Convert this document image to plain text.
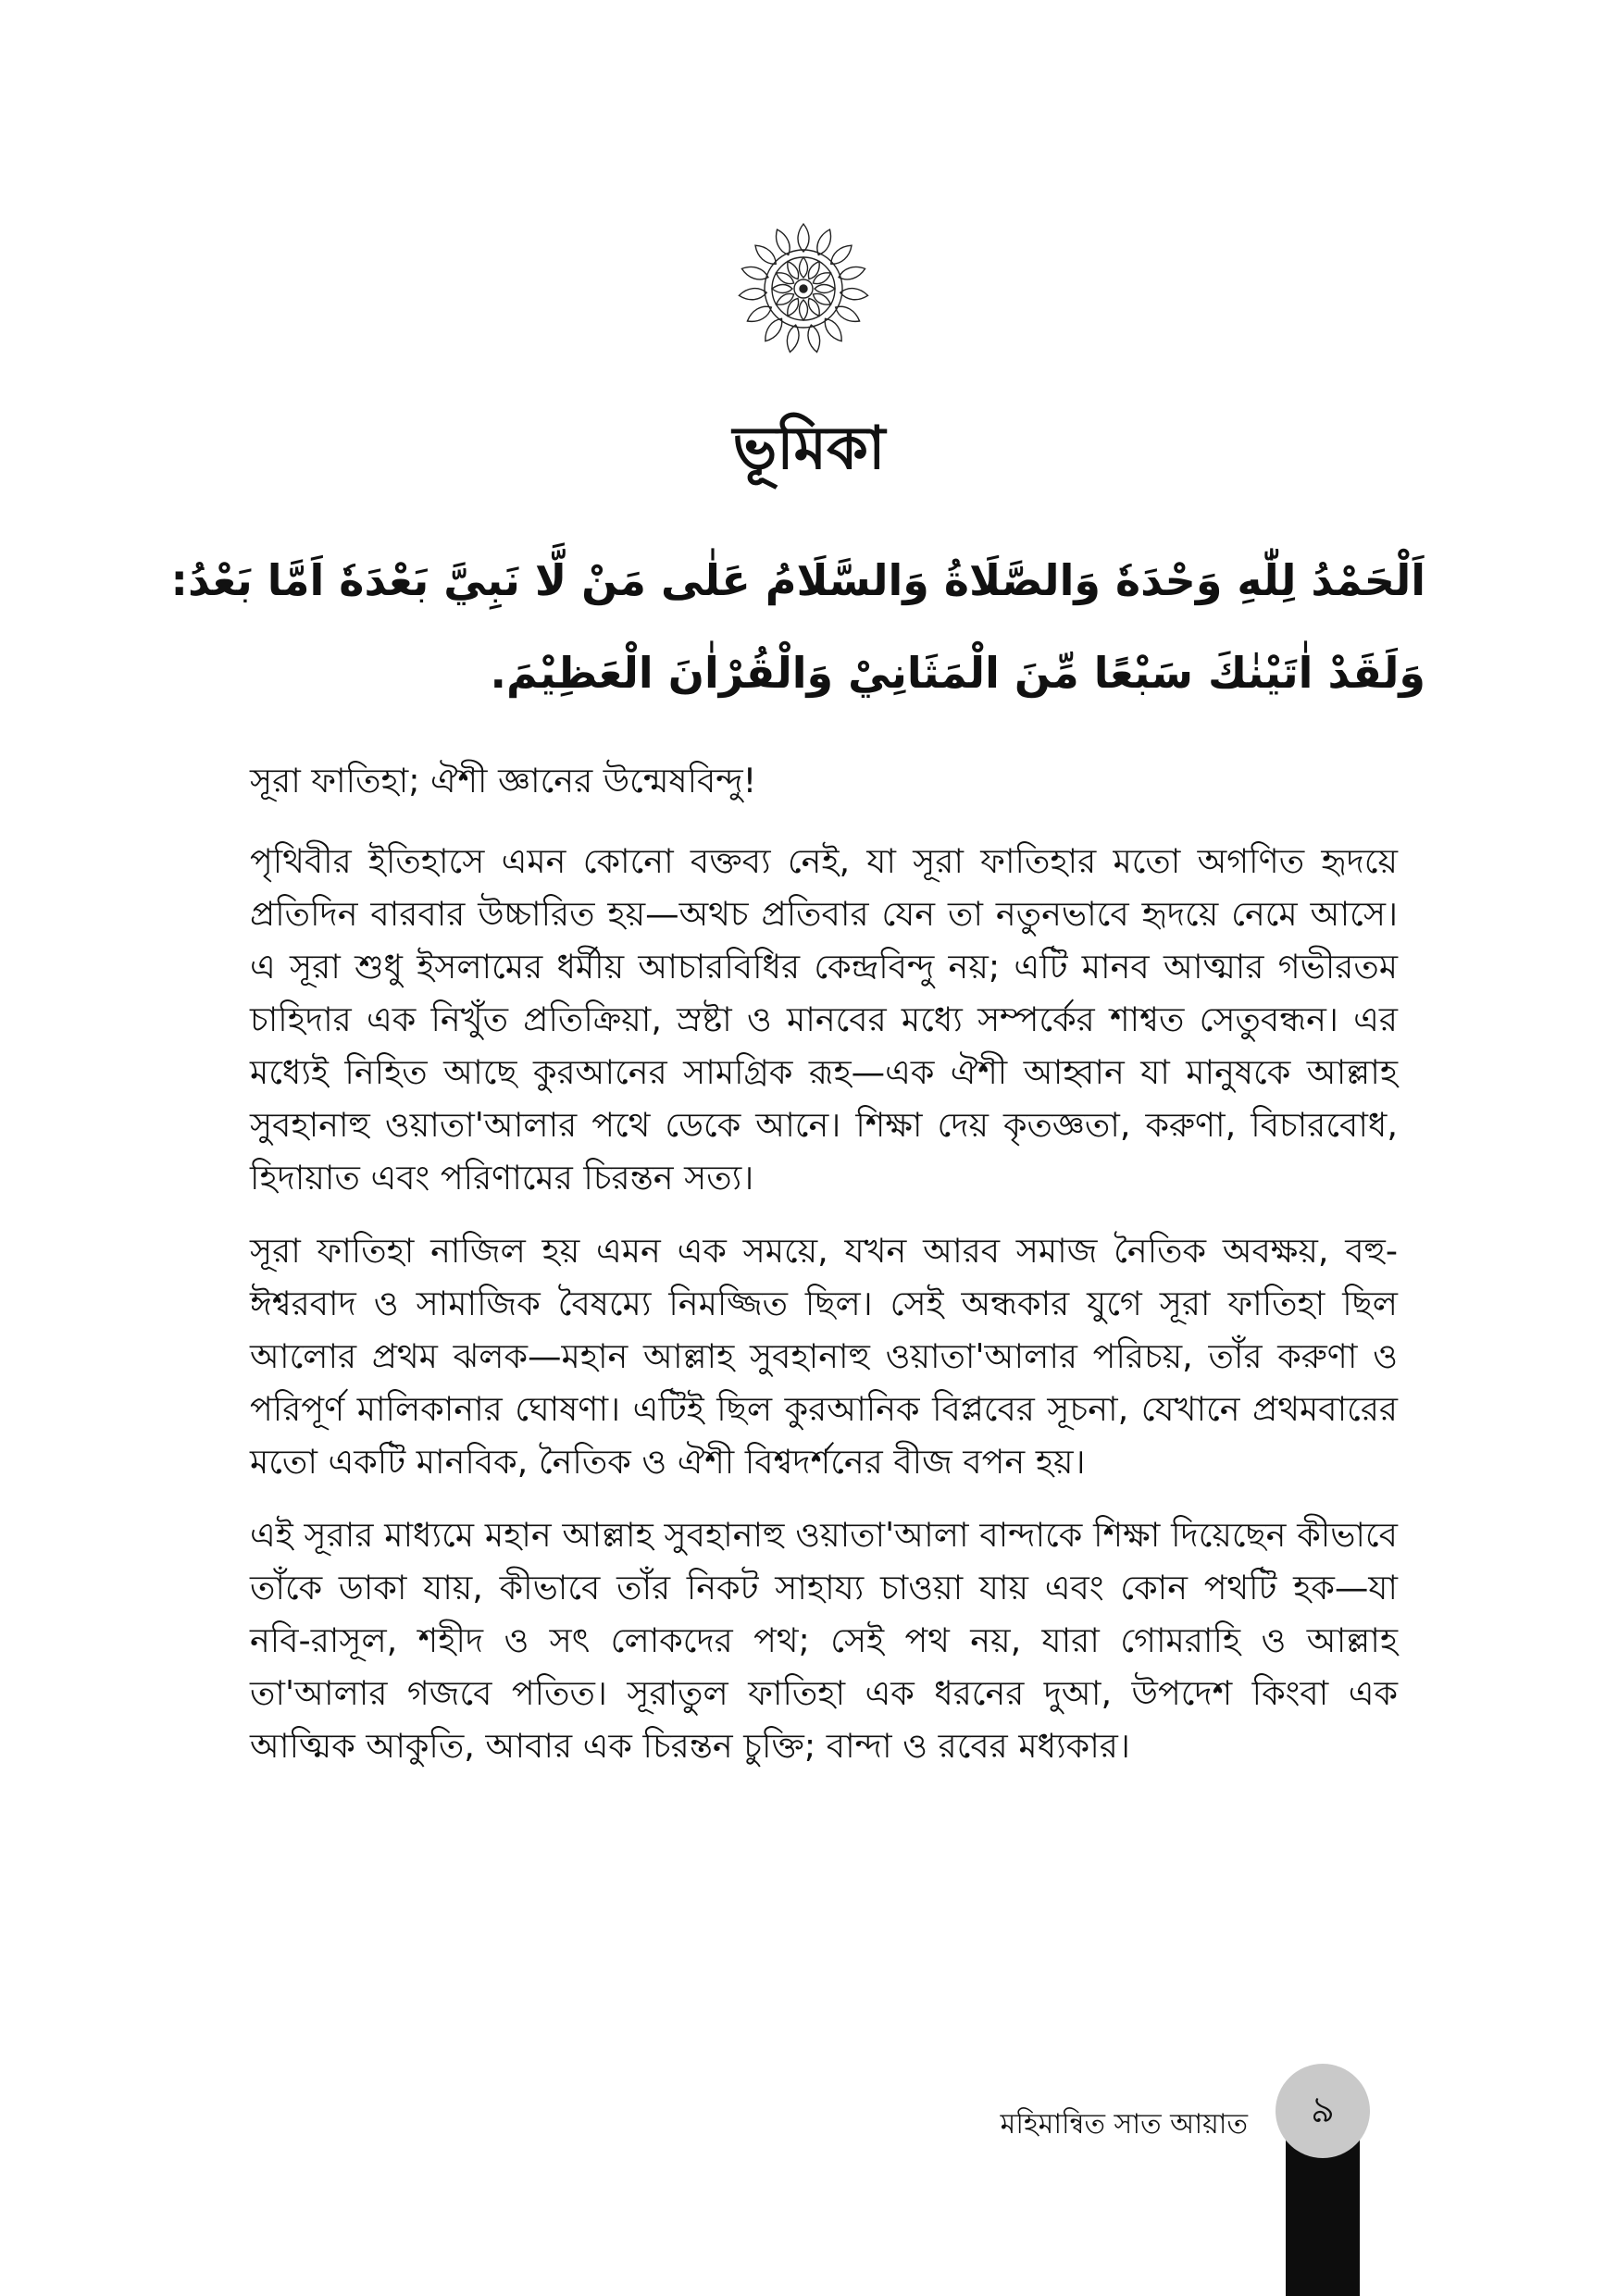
ভূমিকা

اَلْحَمْدُ لِلّٰهِ وَحْدَهٗ وَالصَّلَاةُ وَالسَّلَامُ عَلٰى مَنْ لَّا نَبِيَّ بَعْدَهٗ اَمَّا بَعْدُ:

وَلَقَدْ اٰتَيْنٰكَ سَبْعًا مِّنَ الْمَثَانِيْ وَالْقُرْاٰنَ الْعَظِيْمَ.

সূরা ফাতিহা; ঐশী জ্ঞানের উন্মেষবিন্দু!

পৃথিবীর ইতিহাসে এমন কোনো বক্তব্য নেই, যা সূরা ফাতিহার মতো অগণিত হৃদয়ে প্রতিদিন বারবার উচ্চারিত হয়—অথচ প্রতিবার যেন তা নতুনভাবে হৃদয়ে নেমে আসে। এ সূরা শুধু ইসলামের ধর্মীয় আচারবিধির কেন্দ্রবিন্দু নয়; এটি মানব আত্মার গভীরতম চাহিদার এক নিখুঁত প্রতিক্রিয়া, স্রষ্টা ও মানবের মধ্যে সম্পর্কের শাশ্বত সেতুবন্ধন। এর মধ্যেই নিহিত আছে কুরআনের সামগ্রিক রূহ—এক ঐশী আহ্বান যা মানুষকে আল্লাহ সুবহানাহু ওয়াতা'আলার পথে ডেকে আনে। শিক্ষা দেয় কৃতজ্ঞতা, করুণা, বিচারবোধ, হিদায়াত এবং পরিণামের চিরন্তন সত্য।

সূরা ফাতিহা নাজিল হয় এমন এক সময়ে, যখন আরব সমাজ নৈতিক অবক্ষয়, বহু-ঈশ্বরবাদ ও সামাজিক বৈষম্যে নিমজ্জিত ছিল। সেই অন্ধকার যুগে সূরা ফাতিহা ছিল আলোর প্রথম ঝলক—মহান আল্লাহ সুবহানাহু ওয়াতা'আলার পরিচয়, তাঁর করুণা ও পরিপূর্ণ মালিকানার ঘোষণা। এটিই ছিল কুরআনিক বিপ্লবের সূচনা, যেখানে প্রথমবারের মতো একটি মানবিক, নৈতিক ও ঐশী বিশ্বদর্শনের বীজ বপন হয়।

এই সূরার মাধ্যমে মহান আল্লাহ সুবহানাহু ওয়াতা'আলা বান্দাকে শিক্ষা দিয়েছেন কীভাবে তাঁকে ডাকা যায়, কীভাবে তাঁর নিকট সাহায্য চাওয়া যায় এবং কোন পথটি হক—যা নবি-রাসূল, শহীদ ও সৎ লোকদের পথ; সেই পথ নয়, যারা গোমরাহি ও আল্লাহ তা'আলার গজবে পতিত। সূরাতুল ফাতিহা এক ধরনের দুআ, উপদেশ কিংবা এক আত্মিক আকুতি, আবার এক চিরন্তন চুক্তি; বান্দা ও রবের মধ্যকার।

মহিমান্বিত সাত আয়াত	৯
